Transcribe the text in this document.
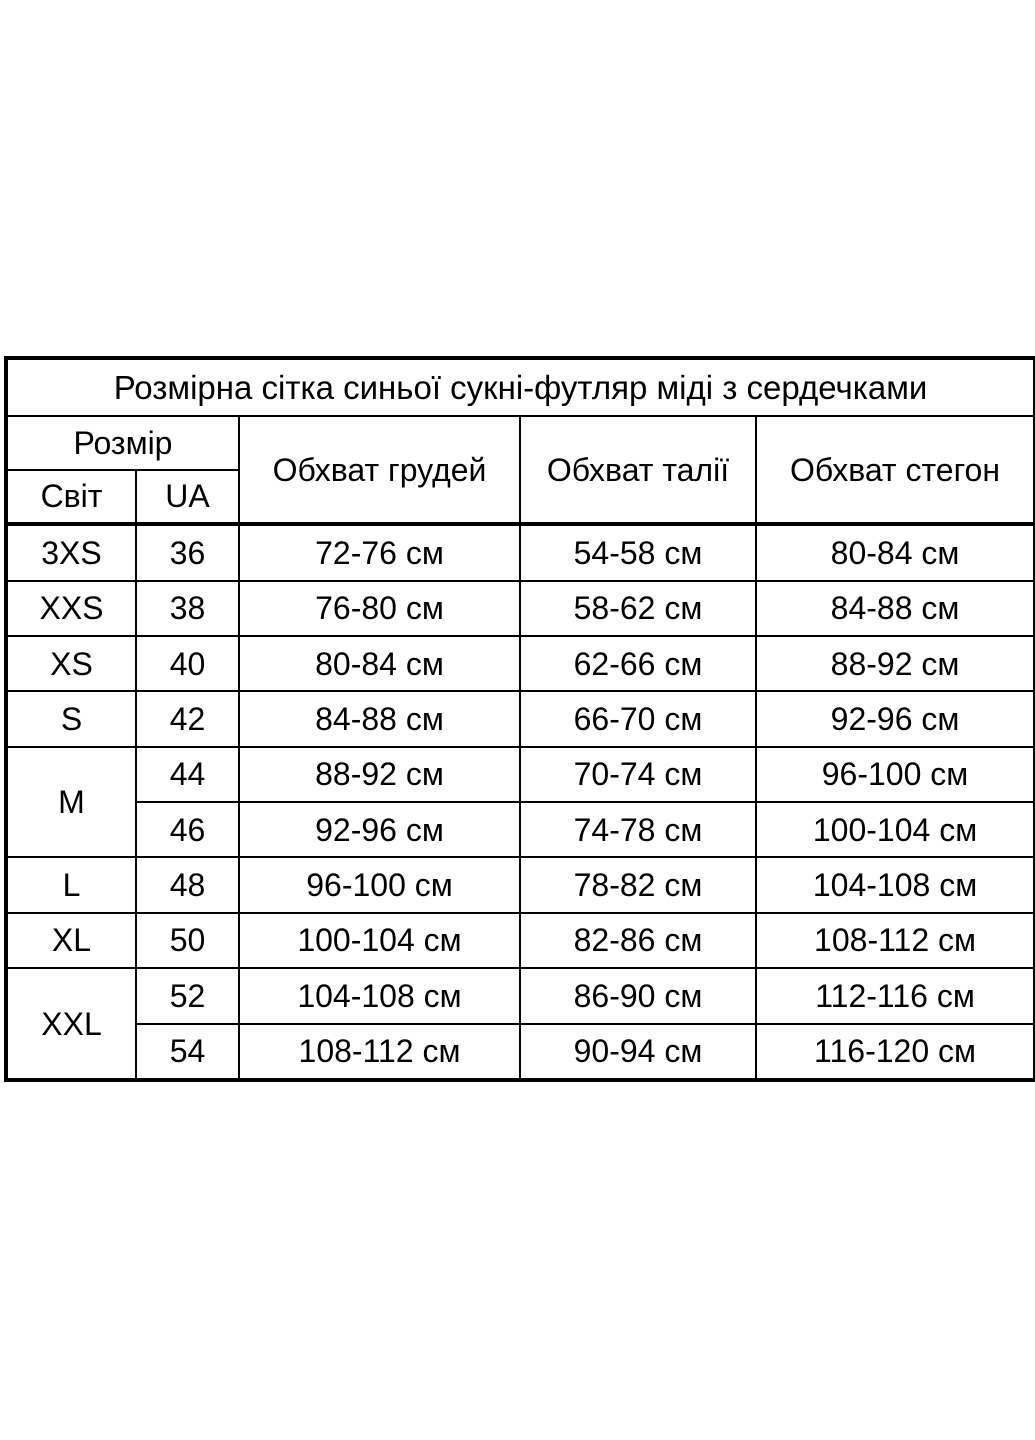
Розмірна сітка синьої сукні-футляр міді з сердечками				
Розмір		Обхват грудей	Обхват талії	Обхват стегон
Світ	UA			
3XS	36	72-76 см	54-58 см	80-84 см
XXS	38	76-80 см	58-62 см	84-88 см
XS	40	80-84 см	62-66 см	88-92 см
S	42	84-88 см	66-70 см	92-96 см
M	44	88-92 см	70-74 см	96-100 см
	46	92-96 см	74-78 см	100-104 см
L	48	96-100 см	78-82 см	104-108 см
XL	50	100-104 см	82-86 см	108-112 см
XXL	52	104-108 см	86-90 см	112-116 см
	54	108-112 см	90-94 см	116-120 см
